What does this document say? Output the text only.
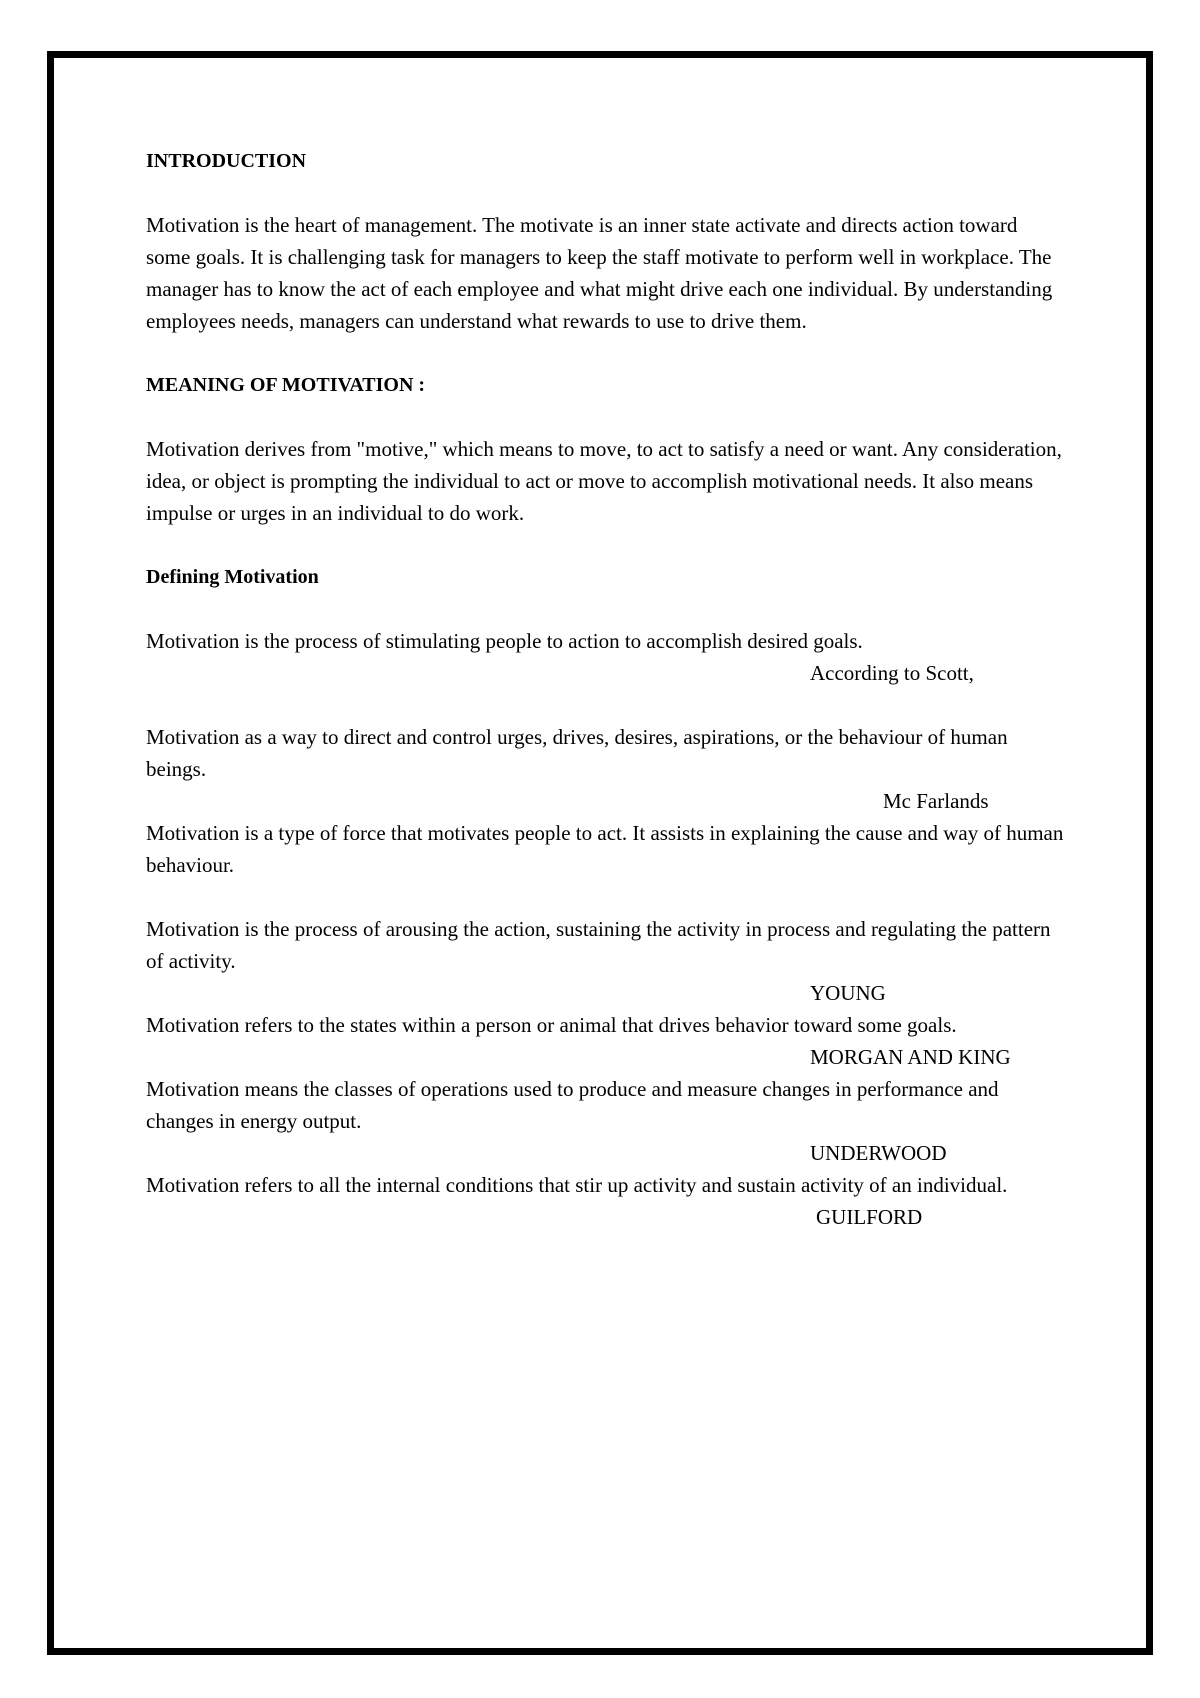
INTRODUCTION

Motivation is the heart of management. The motivate is an inner state activate and directs action toward some goals. It is challenging task for managers to keep the staff motivate to perform well in workplace. The manager has to know the act of each employee and what might drive each one individual. By understanding employees needs, managers can understand what rewards to use to drive them.

MEANING OF MOTIVATION :

Motivation derives from "motive," which means to move, to act to satisfy a need or want. Any consideration, idea, or object is prompting the individual to act or move to accomplish motivational needs. It also means impulse or urges in an individual to do work.

Defining Motivation

Motivation is the process of stimulating people to action to accomplish desired goals.

According to Scott,

Motivation as a way to direct and control urges, drives, desires, aspirations, or the behaviour of human beings.

Mc Farlands

Motivation is a type of force that motivates people to act. It assists in explaining the cause and way of human behaviour.

Motivation is the process of arousing the action, sustaining the activity in process and regulating the pattern of activity.

YOUNG

Motivation refers to the states within a person or animal that drives behavior toward some goals.

MORGAN AND KING

Motivation means the classes of operations used to produce and measure changes in performance and changes in energy output.

UNDERWOOD

Motivation refers to all the internal conditions that stir up activity and sustain activity of an individual.

GUILFORD
